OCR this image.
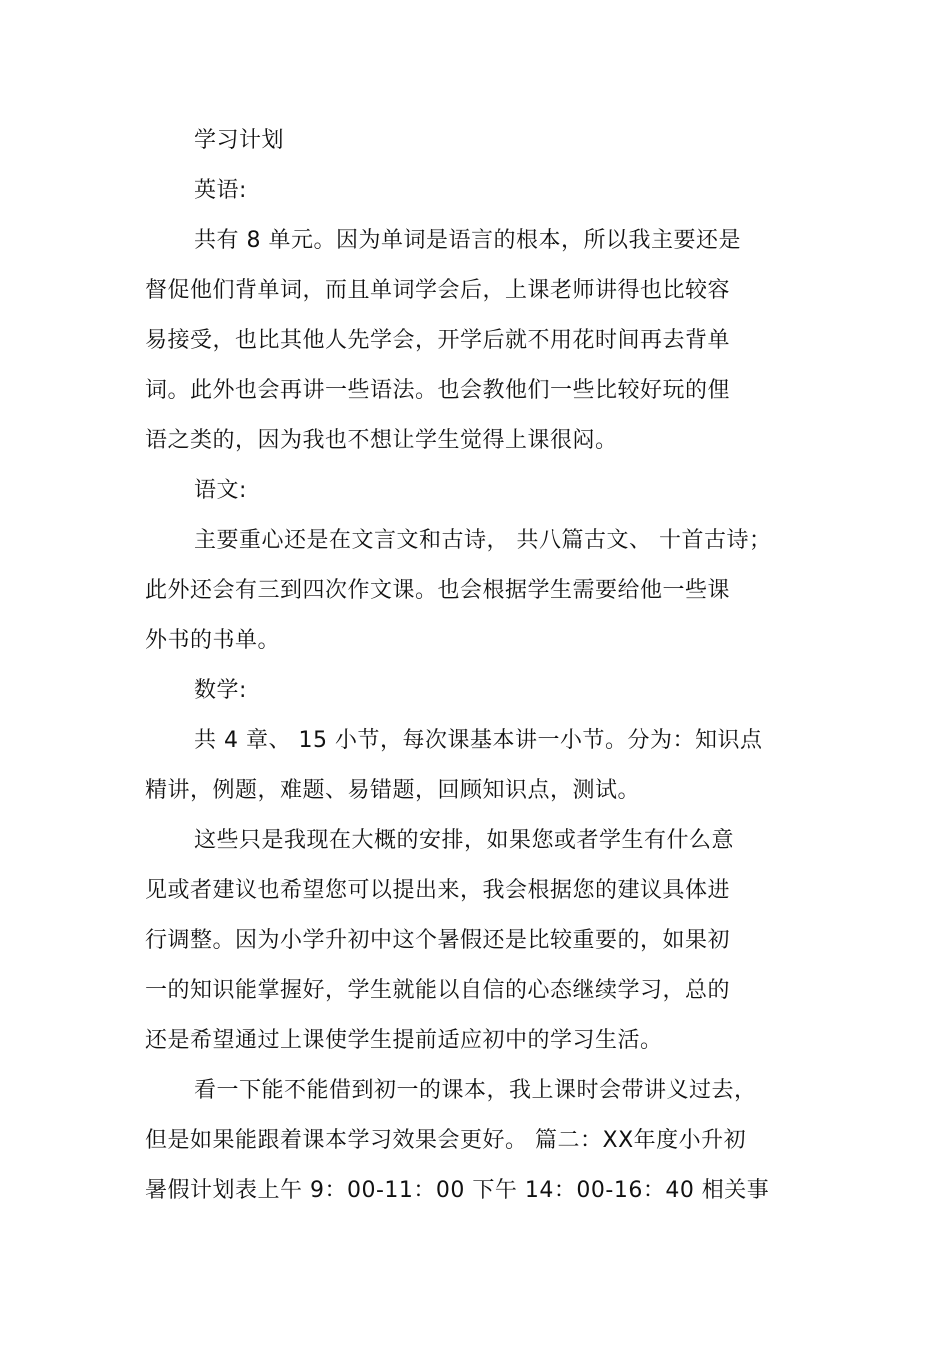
学习计划
英语:
共有 8 单元。因为单词是语言的根本，所以我主要还是
督促他们背单词，而且单词学会后，上课老师讲得也比较容
易接受，也比其他人先学会，开学后就不用花时间再去背单
词。此外也会再讲一些语法。也会教他们一些比较好玩的俚
语之类的，因为我也不想让学生觉得上课很闷。
语文:
主要重心还是在文言文和古诗， 共八篇古文、 十首古诗；
此外还会有三到四次作文课。也会根据学生需要给他一些课
外书的书单。
数学:
共 4 章、 15 小节，每次课基本讲一小节。分为：知识点
精讲，例题，难题、易错题，回顾知识点，测试。
这些只是我现在大概的安排，如果您或者学生有什么意
见或者建议也希望您可以提出来，我会根据您的建议具体进
行调整。因为小学升初中这个暑假还是比较重要的，如果初
一的知识能掌握好，学生就能以自信的心态继续学习，总的
还是希望通过上课使学生提前适应初中的学习生活。
看一下能不能借到初一的课本，我上课时会带讲义过去，
但是如果能跟着课本学习效果会更好。 篇二：XX年度小升初
暑假计划表上午 9：00-11：00 下午 14：00-16：40 相关事
